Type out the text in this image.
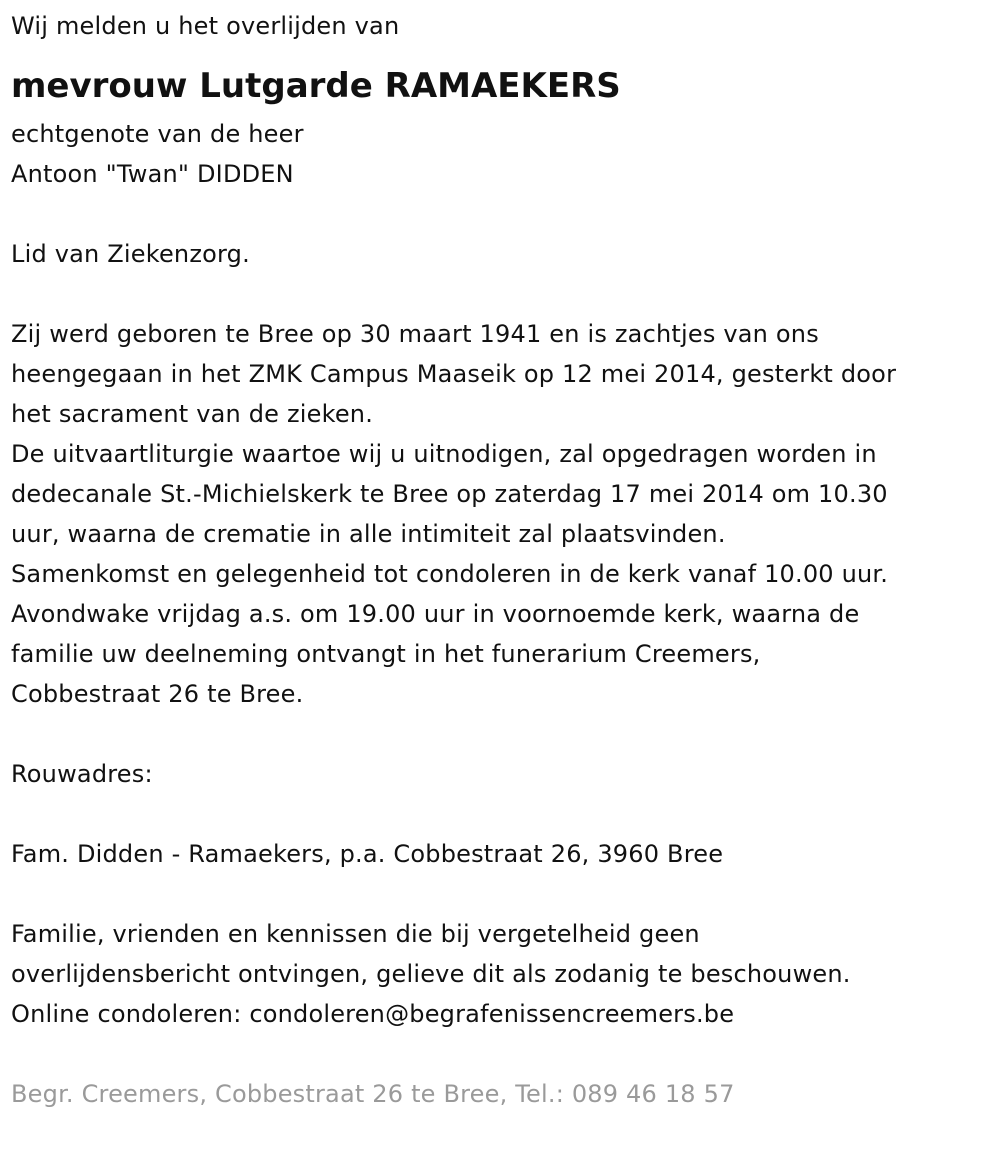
Wij melden u het overlijden van
mevrouw Lutgarde RAMAEKERS
echtgenote van de heer
Antoon "Twan" DIDDEN
Lid van Ziekenzorg.
Zij werd geboren te Bree op 30 maart 1941 en is zachtjes van ons
heengegaan in het ZMK Campus Maaseik op 12 mei 2014, gesterkt door
het sacrament van de zieken.
De uitvaartliturgie waartoe wij u uitnodigen, zal opgedragen worden in
dedecanale St.-Michielskerk te Bree op zaterdag 17 mei 2014 om 10.30
uur, waarna de crematie in alle intimiteit zal plaatsvinden.
Samenkomst en gelegenheid tot condoleren in de kerk vanaf 10.00 uur.
Avondwake vrijdag a.s. om 19.00 uur in voornoemde kerk, waarna de
familie uw deelneming ontvangt in het funerarium Creemers,
Cobbestraat 26 te Bree.
Rouwadres:
Fam. Didden - Ramaekers, p.a. Cobbestraat 26, 3960 Bree
Familie, vrienden en kennissen die bij vergetelheid geen
overlijdensbericht ontvingen, gelieve dit als zodanig te beschouwen.
Online condoleren: condoleren@begrafenissencreemers.be
Begr. Creemers, Cobbestraat 26 te Bree, Tel.: 089 46 18 57
